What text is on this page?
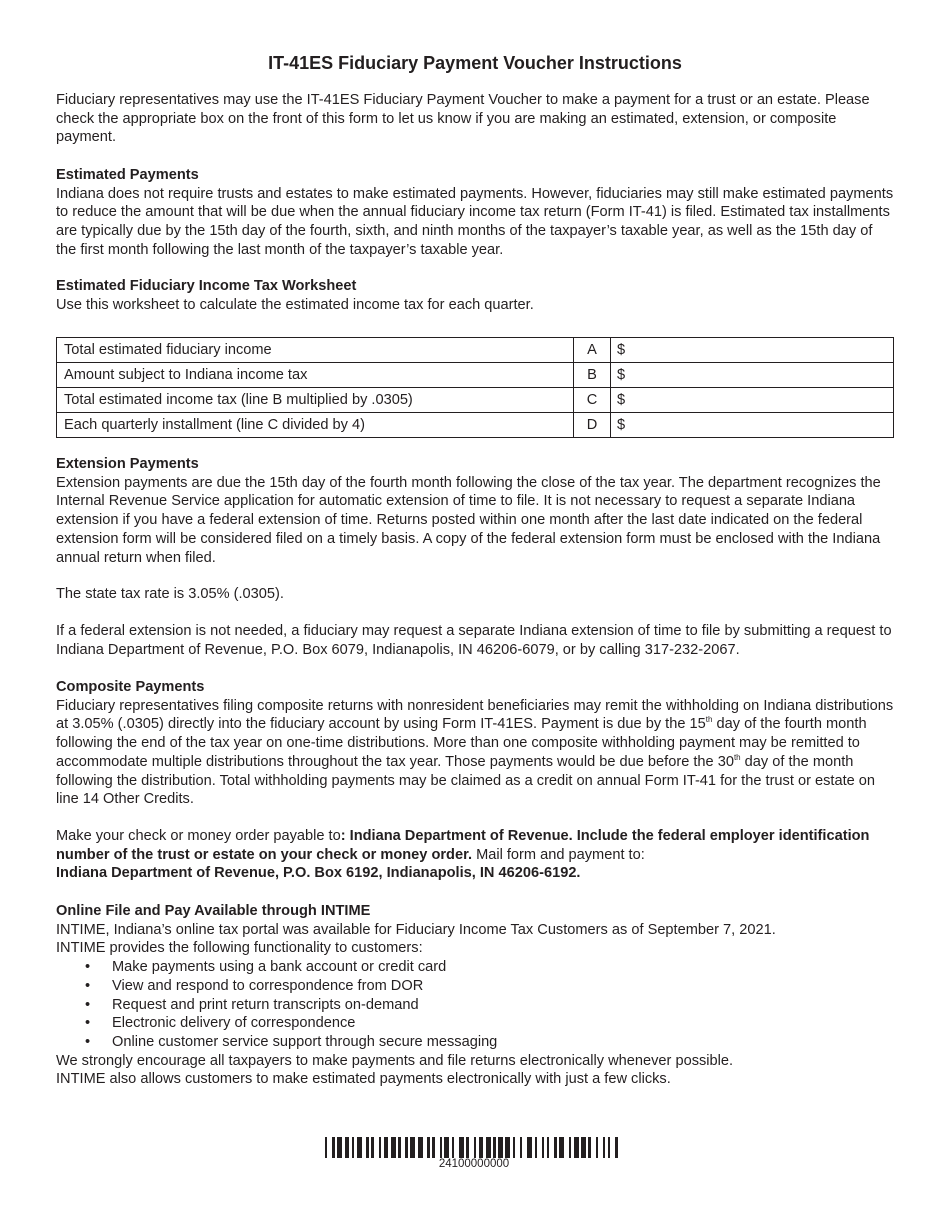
IT-41ES Fiduciary Payment Voucher Instructions

Fiduciary representatives may use the IT-41ES Fiduciary Payment Voucher to make a payment for a trust or an estate. Please check the appropriate box on the front of this form to let us know if you are making an estimated, extension, or composite payment.

Estimated Payments

Indiana does not require trusts and estates to make estimated payments. However, fiduciaries may still make estimated payments to reduce the amount that will be due when the annual fiduciary income tax return (Form IT-41) is filed. Estimated tax installments are typically due by the 15th day of the fourth, sixth, and ninth months of the taxpayer’s taxable year, as well as the 15th day of the first month following the last month of the taxpayer’s taxable year.

Estimated Fiduciary Income Tax Worksheet

Use this worksheet to calculate the estimated income tax for each quarter.

Total estimated fiduciary income	A	$
Amount subject to Indiana income tax	B	$
Total estimated income tax (line B multiplied by .0305)	C	$
Each quarterly installment (line C divided by 4)	D	$

Extension Payments

Extension payments are due the 15th day of the fourth month following the close of the tax year. The department recognizes the Internal Revenue Service application for automatic extension of time to file. It is not necessary to request a separate Indiana extension if you have a federal extension of time. Returns posted within one month after the last date indicated on the federal extension form will be considered filed on a timely basis. A copy of the federal extension form must be enclosed with the Indiana annual return when filed.

The state tax rate is 3.05% (.0305).

If a federal extension is not needed, a fiduciary may request a separate Indiana extension of time to file by submitting a request to Indiana Department of Revenue, P.O. Box 6079, Indianapolis, IN 46206-6079, or by calling 317-232-2067.

Composite Payments

Fiduciary representatives filing composite returns with nonresident beneficiaries may remit the withholding on Indiana distributions at 3.05% (.0305) directly into the fiduciary account by using Form IT-41ES. Payment is due by the 15th day of the fourth month following the end of the tax year on one-time distributions. More than one composite withholding payment may be remitted to accommodate multiple distributions throughout the tax year. Those payments would be due before the 30th day of the month following the distribution. Total withholding payments may be claimed as a credit on annual Form IT-41 for the trust or estate on line 14 Other Credits.

Make your check or money order payable to: Indiana Department of Revenue. Include the federal employer identification number of the trust or estate on your check or money order. Mail form and payment to:
Indiana Department of Revenue, P.O. Box 6192, Indianapolis, IN 46206-6192.

Online File and Pay Available through INTIME

INTIME, Indiana’s online tax portal was available for Fiduciary Income Tax Customers as of September 7, 2021.

INTIME provides the following functionality to customers:

• Make payments using a bank account or credit card
• View and respond to correspondence from DOR
• Request and print return transcripts on-demand
• Electronic delivery of correspondence
• Online customer service support through secure messaging

We strongly encourage all taxpayers to make payments and file returns electronically whenever possible.

INTIME also allows customers to make estimated payments electronically with just a few clicks.

24100000000
